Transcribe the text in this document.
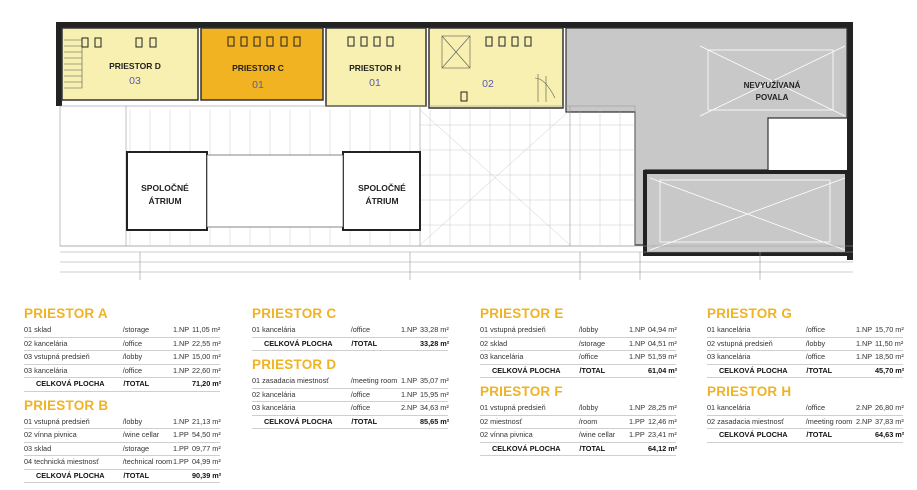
PRIESTOR D
03
PRIESTOR C
01
PRIESTOR H
01	02
SPOLOČNÉ
ÁTRIUM
SPOLOČNÉ
ÁTRIUM
NEVYUŽÍVANÁ
POVALA
PRIESTOR A
01 sklad	/storage	1.NP 11,05 m²
02 kancelária	/office	1.NP 22,55 m²
03 vstupná predsieň	/lobby	1.NP 15,00 m²
03 kancelária	/office	1.NP 22,60 m²
CELKOVÁ PLOCHA	/TOTAL	71,20 m²
PRIESTOR B
01 vstupná predsieň	/lobby	1.NP 21,13 m²
02 vínna pivnica	/wine cellar	1.PP 54,50 m²
03 sklad	/storage	1.PP 09,77 m²
04 technická miestnosť	/technical room 1.PP 04,99 m²
CELKOVÁ PLOCHA	/TOTAL	90,39 m²
PRIESTOR C
01 kancelária	/office	1.NP 33,28 m²
CELKOVÁ PLOCHA	/TOTAL	33,28 m²
PRIESTOR D
01 zasadacia miestnosť	/meeting room 1.NP 35,07 m²
02 kancelária	/office	1.NP 15,95 m²
03 kancelária	/office	2.NP 34,63 m²
CELKOVÁ PLOCHA	/TOTAL	85,65 m²
PRIESTOR E
01 vstupná predsieň	/lobby	1.NP 04,94 m²
02 sklad	/storage	1.NP 04,51 m²
03 kancelária	/office	1.NP 51,59 m²
CELKOVÁ PLOCHA	/TOTAL	61,04 m²
PRIESTOR F
01 vstupná predsieň	/lobby	1.NP 28,25 m²
02 miestnosť	/room	1.PP 12,46 m²
02 vínna pivnica	/wine cellar	1.PP 23,41 m²
CELKOVÁ PLOCHA	/TOTAL	64,12 m²
PRIESTOR G
01 kancelária	/office	1.NP 15,70 m²
02 vstupná predsieň	/lobby	1.NP 11,50 m²
03 kancelária	/office	1.NP 18,50 m²
CELKOVÁ PLOCHA	/TOTAL	45,70 m²
PRIESTOR H
01 kancelária	/office	2.NP 26,80 m²
02 zasadacia miestnosť	/meeting room 2.NP 37,83 m²
CELKOVÁ PLOCHA	/TOTAL	64,63 m²
